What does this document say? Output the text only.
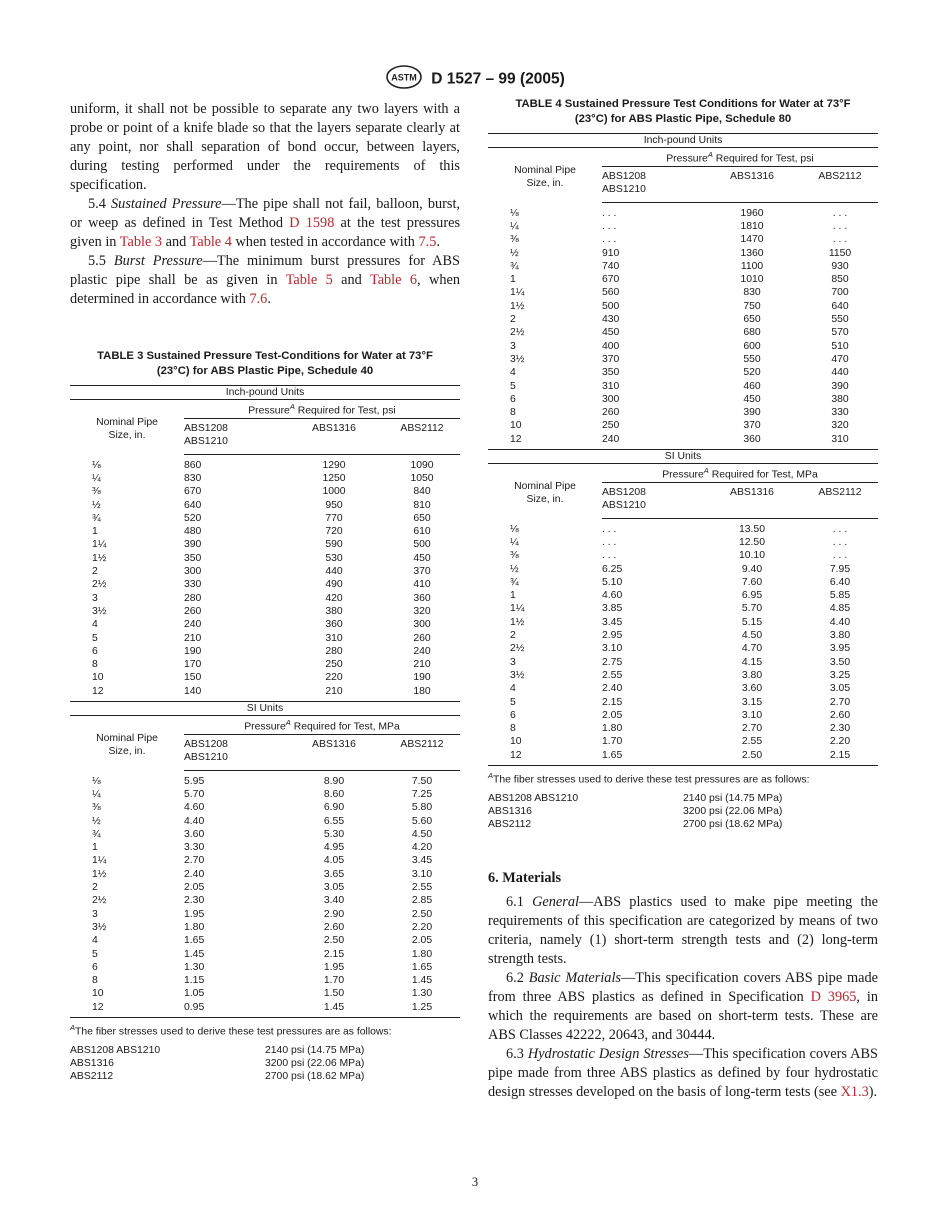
ASTM D 1527 – 99 (2005)

uniform, it shall not be possible to separate any two layers with a probe or point of a knife blade so that the layers separate clearly at any point, nor shall separation of bond occur, between layers, during testing performed under the requirements of this specification.

5.4 Sustained Pressure—The pipe shall not fail, balloon, burst, or weep as defined in Test Method D 1598 at the test pressures given in Table 3 and Table 4 when tested in accordance with 7.5.

5.5 Burst Pressure—The minimum burst pressures for ABS plastic pipe shall be as given in Table 5 and Table 6, when determined in accordance with 7.6.

TABLE 3 Sustained Pressure Test-Conditions for Water at 73°F

(23°C) for ABS Plastic Pipe, Schedule 40

Inch-pound Units			

Nominal Pipe
Size, in.	Pressure$^A$ Required for Test, psi		

	ABS1208
ABS1210	ABS1316	ABS2112

⅛	860	1290	1090
¼	830	1250	1050
⅜	670	1000	840
½	640	950	810
¾	520	770	650
1	480	720	610
1¼	390	590	500
1½	350	530	450
2	300	440	370
2½	330	490	410
3	280	420	360
3½	260	380	320
4	240	360	300
5	210	310	260
6	190	280	240
8	170	250	210
10	150	220	190
12	140	210	180
SI Units			

Nominal Pipe
Size, in.	Pressure$^A$ Required for Test, MPa		

	ABS1208
ABS1210	ABS1316	ABS2112

⅛	5.95	8.90	7.50
¼	5.70	8.60	7.25
⅜	4.60	6.90	5.80
½	4.40	6.55	5.60
¾	3.60	5.30	4.50
1	3.30	4.95	4.20
1¼	2.70	4.05	3.45
1½	2.40	3.65	3.10
2	2.05	3.05	2.55
2½	2.30	3.40	2.85
3	1.95	2.90	2.50
3½	1.80	2.60	2.20
4	1.65	2.50	2.05
5	1.45	2.15	1.80
6	1.30	1.95	1.65
8	1.15	1.70	1.45
10	1.05	1.50	1.30
12	0.95	1.45	1.25
$^A$The fiber stresses used to derive these test pressures are as follows:
ABS1208 ABS1210	2140 psi (14.75 MPa)
ABS1316	3200 psi (22.06 MPa)
ABS2112	2700 psi (18.62 MPa)

TABLE 4 Sustained Pressure Test Conditions for Water at 73°F

(23°C) for ABS Plastic Pipe, Schedule 80

Inch-pound Units			

Nominal Pipe
Size, in.	Pressure$^A$ Required for Test, psi		

	ABS1208
ABS1210	ABS1316	ABS2112

⅛	. . .	1960	. . .
¼	. . .	1810	. . .
⅜	. . .	1470	. . .
½	910	1360	1150
¾	740	1100	930
1	670	1010	850
1¼	560	830	700
1½	500	750	640
2	430	650	550
2½	450	680	570
3	400	600	510
3½	370	550	470
4	350	520	440
5	310	460	390
6	300	450	380
8	260	390	330
10	250	370	320
12	240	360	310
SI Units			

Nominal Pipe
Size, in.	Pressure$^A$ Required for Test, MPa		

	ABS1208
ABS1210	ABS1316	ABS2112

⅛	. . .	13.50	. . .
¼	. . .	12.50	. . .
⅜	. . .	10.10	. . .
½	6.25	9.40	7.95
¾	5.10	7.60	6.40
1	4.60	6.95	5.85
1¼	3.85	5.70	4.85
1½	3.45	5.15	4.40
2	2.95	4.50	3.80
2½	3.10	4.70	3.95
3	2.75	4.15	3.50
3½	2.55	3.80	3.25
4	2.40	3.60	3.05
5	2.15	3.15	2.70
6	2.05	3.10	2.60
8	1.80	2.70	2.30
10	1.70	2.55	2.20
12	1.65	2.50	2.15
$^A$The fiber stresses used to derive these test pressures are as follows:
ABS1208 ABS1210	2140 psi (14.75 MPa)
ABS1316	3200 psi (22.06 MPa)
ABS2112	2700 psi (18.62 MPa)

6. Materials

6.1 General—ABS plastics used to make pipe meeting the requirements of this specification are categorized by means of two criteria, namely (1) short-term strength tests and (2) long-term strength tests.

6.2 Basic Materials—This specification covers ABS pipe made from three ABS plastics as defined in Specification D 3965, in which the requirements are based on short-term tests. These are ABS Classes 42222, 20643, and 30444.

6.3 Hydrostatic Design Stresses—This specification covers ABS pipe made from three ABS plastics as defined by four hydrostatic design stresses developed on the basis of long-term tests (see X1.3).

3
